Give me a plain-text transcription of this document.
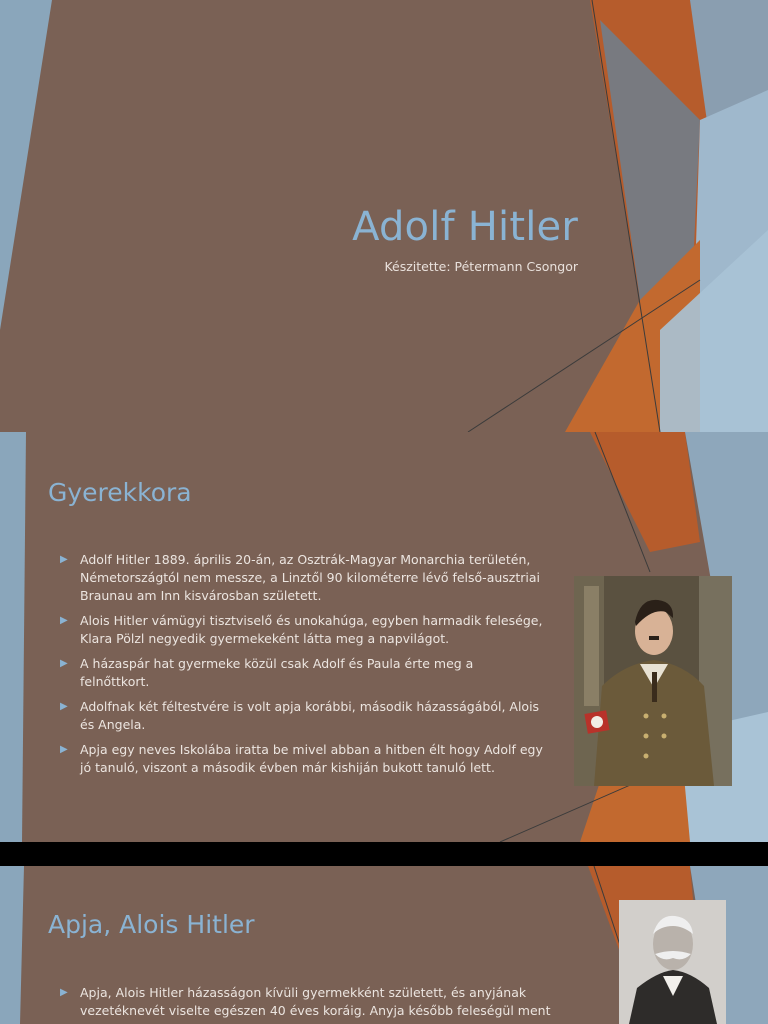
Adolf Hitler

Készitette: Pétermann Csongor

Gyerekkora
▶ Adolf Hitler 1889. április 20-án, az Osztrák-Magyar Monarchia területén, Németországtól nem messze, a Linztől 90 kilométerre lévő felső-ausztriai Braunau am Inn kisvárosban született.
▶ Alois Hitler vámügyi tisztviselő és unokahúga, egyben harmadik felesége, Klara Pölzl negyedik gyermekeként látta meg a napvilágot.
▶ A házaspár hat gyermeke közül csak Adolf és Paula érte meg a felnőttkort.
▶ Adolfnak két féltestvére is volt apja korábbi, második házasságából, Alois és Angela.
▶ Apja egy neves Iskolába iratta be mivel abban a hitben élt hogy Adolf egy jó tanuló, viszont a második évben már kishiján bukott tanuló lett.
Apja, Alois Hitler
▶ Apja, Alois Hitler házasságon kívüli gyermekként született, és anyjának vezetéknevét viselte egészen 40 éves koráig. Anyja később feleségül ment
